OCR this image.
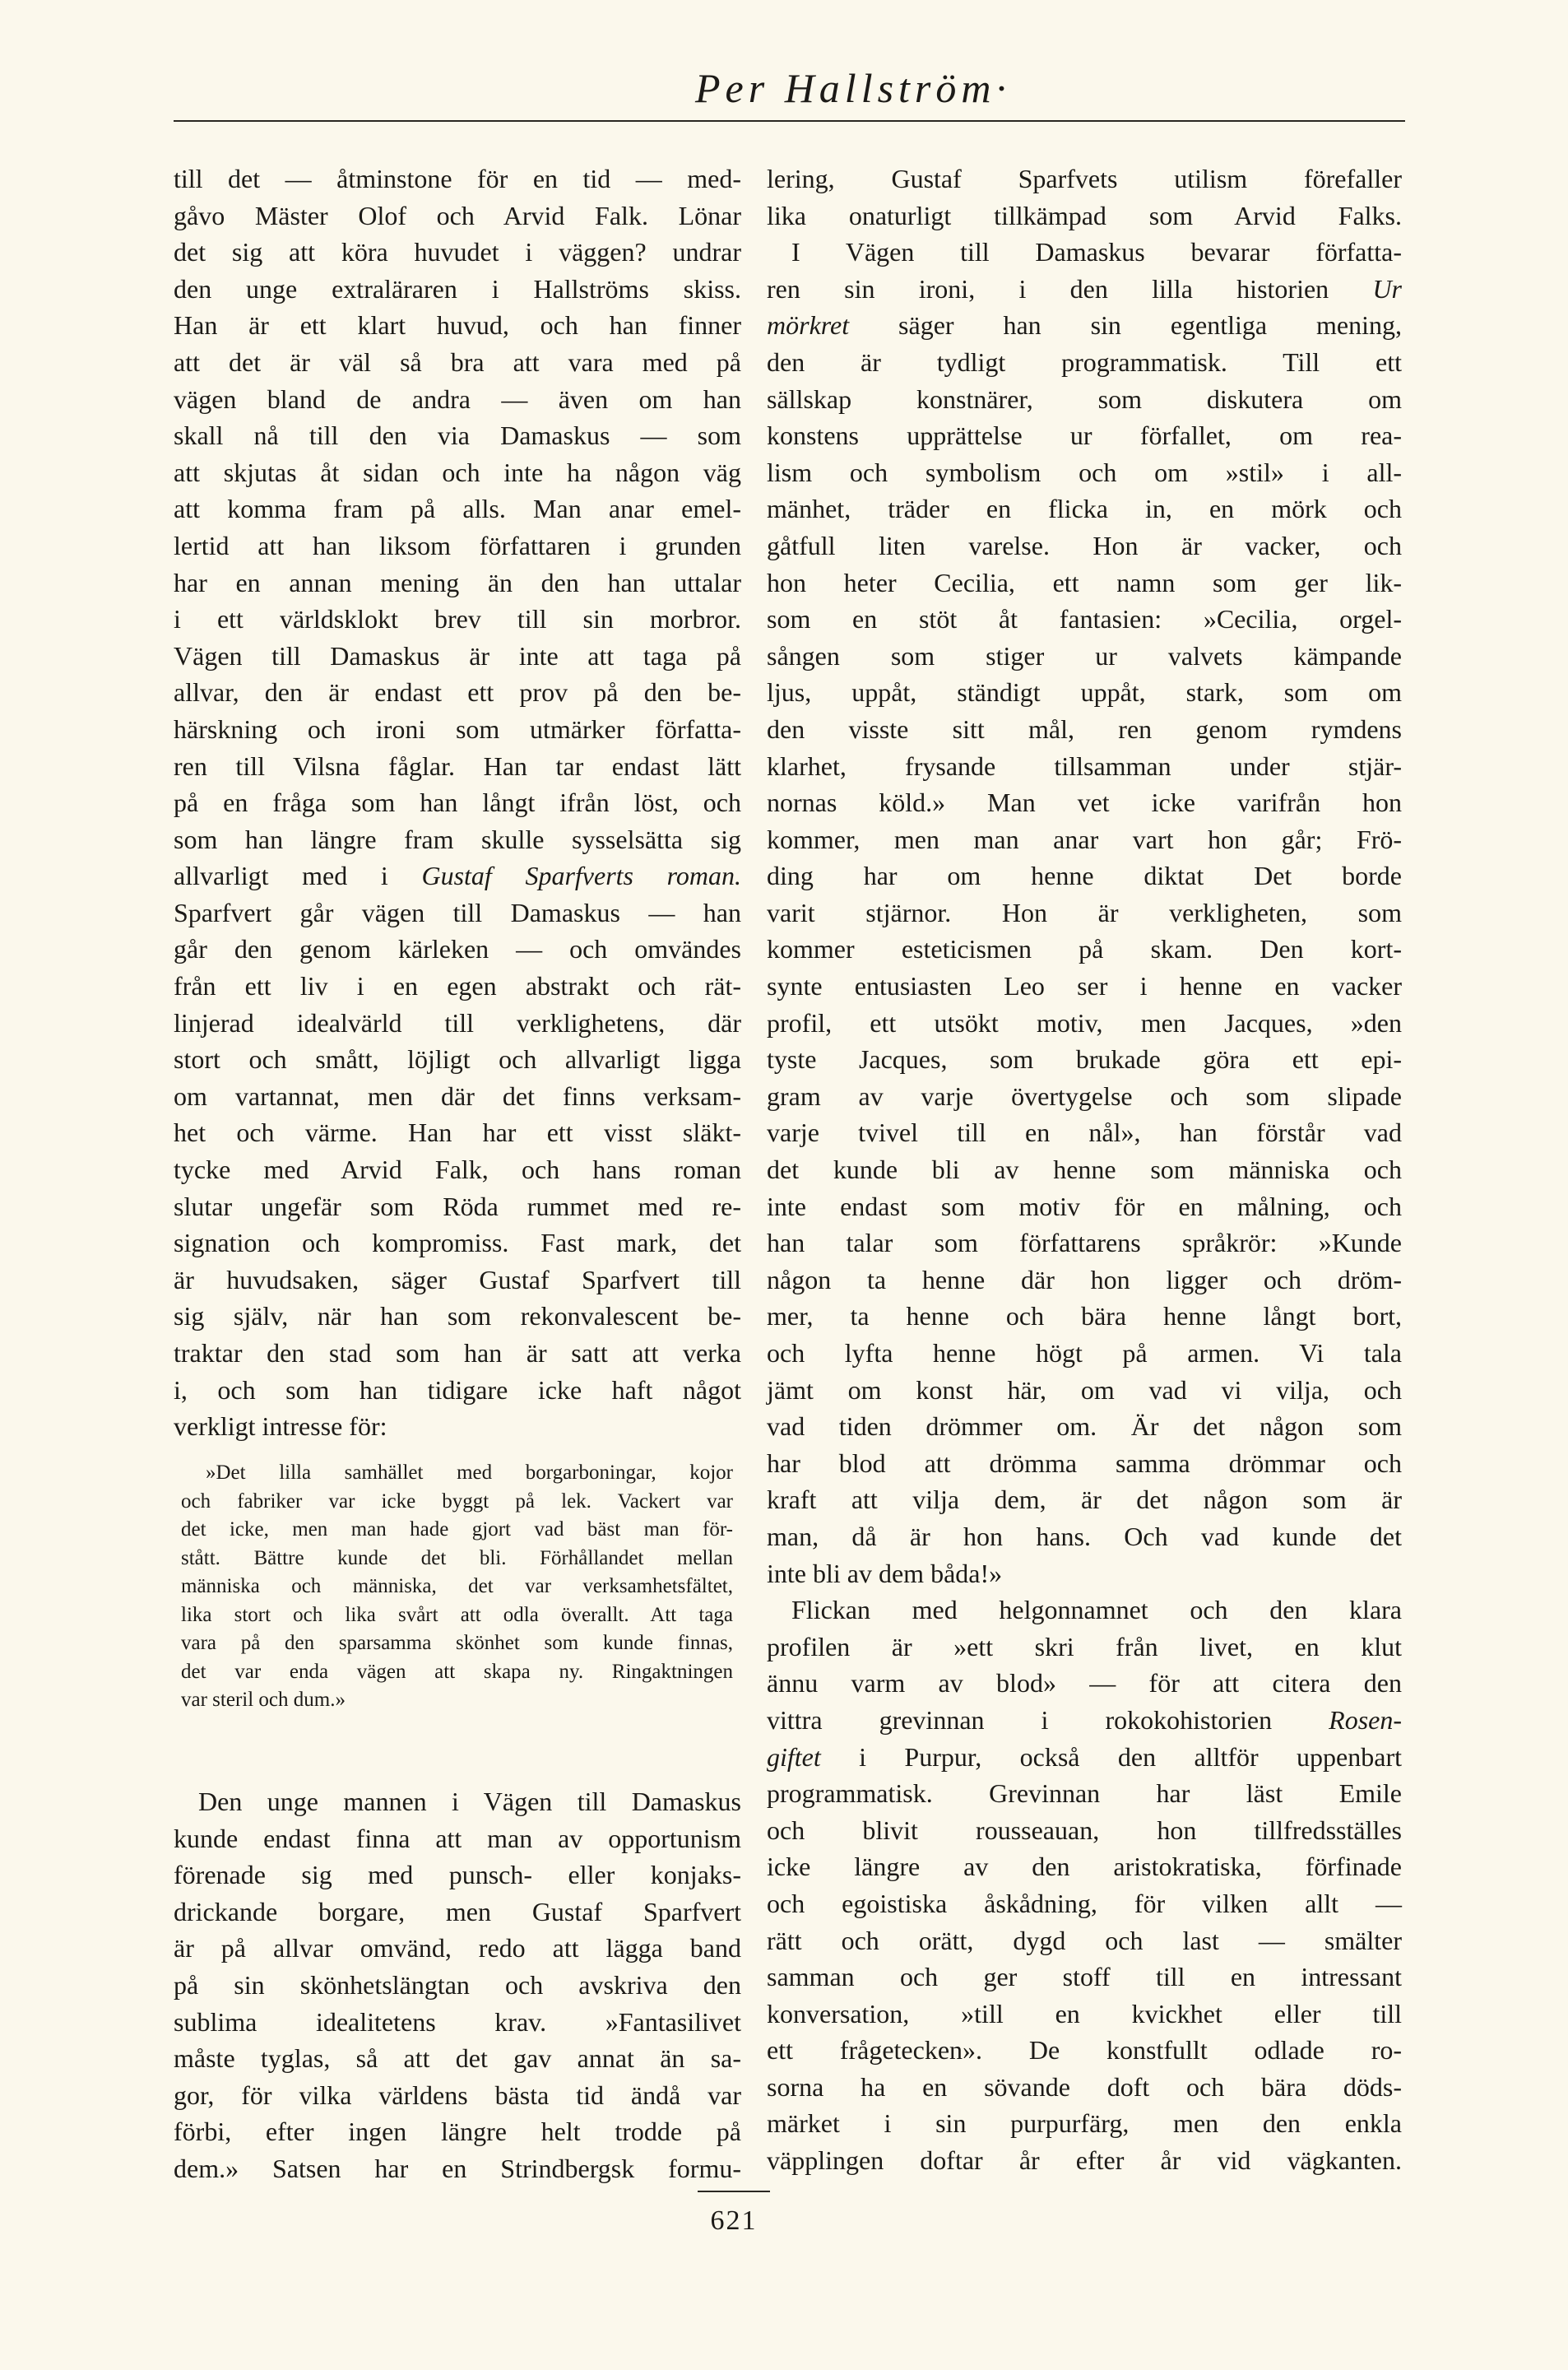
Per Hallström·
till det — åtminstone för en tid — med-
gåvo Mäster Olof och Arvid Falk. Lönar
det sig att köra huvudet i väggen? undrar
den unge extraläraren i Hallströms skiss.
Han är ett klart huvud, och han finner
att det är väl så bra att vara med på
vägen bland de andra — även om han
skall nå till den via Damaskus — som
att skjutas åt sidan och inte ha någon väg
att komma fram på alls. Man anar emel-
lertid att han liksom författaren i grunden
har en annan mening än den han uttalar
i ett världsklokt brev till sin morbror.
Vägen till Damaskus är inte att taga på
allvar, den är endast ett prov på den be-
härskning och ironi som utmärker författa-
ren till Vilsna fåglar. Han tar endast lätt
på en fråga som han långt ifrån löst, och
som han längre fram skulle sysselsätta sig
allvarligt med i Gustaf Sparfverts roman.
Sparfvert går vägen till Damaskus — han
går den genom kärleken — och omvändes
från ett liv i en egen abstrakt och rät-
linjerad idealvärld till verklighetens, där
stort och smått, löjligt och allvarligt ligga
om vartannat, men där det finns verksam-
het och värme. Han har ett visst släkt-
tycke med Arvid Falk, och hans roman
slutar ungefär som Röda rummet med re-
signation och kompromiss. Fast mark, det
är huvudsaken, säger Gustaf Sparfvert till
sig själv, när han som rekonvalescent be-
traktar den stad som han är satt att verka
i, och som han tidigare icke haft något
verkligt intresse för:
»Det lilla samhället med borgarboningar, kojor
och fabriker var icke byggt på lek. Vackert var
det icke, men man hade gjort vad bäst man för-
stått. Bättre kunde det bli. Förhållandet mellan
människa och människa, det var verksamhetsfältet,
lika stort och lika svårt att odla överallt. Att taga
vara på den sparsamma skönhet som kunde finnas,
det var enda vägen att skapa ny. Ringaktningen
var steril och dum.»
Den unge mannen i Vägen till Damaskus
kunde endast finna att man av opportunism
förenade sig med punsch- eller konjaks-
drickande borgare, men Gustaf Sparfvert
är på allvar omvänd, redo att lägga band
på sin skönhetslängtan och avskriva den
sublima idealitetens krav. »Fantasilivet
måste tyglas, så att det gav annat än sa-
gor, för vilka världens bästa tid ändå var
förbi, efter ingen längre helt trodde på
dem.» Satsen har en Strindbergsk formu-
lering, Gustaf Sparfvets utilism förefaller
lika onaturligt tillkämpad som Arvid Falks.
I Vägen till Damaskus bevarar författa-
ren sin ironi, i den lilla historien Ur
mörkret säger han sin egentliga mening,
den är tydligt programmatisk. Till ett
sällskap konstnärer, som diskutera om
konstens upprättelse ur förfallet, om rea-
lism och symbolism och om »stil» i all-
mänhet, träder en flicka in, en mörk och
gåtfull liten varelse. Hon är vacker, och
hon heter Cecilia, ett namn som ger lik-
som en stöt åt fantasien: »Cecilia, orgel-
sången som stiger ur valvets kämpande
ljus, uppåt, ständigt uppåt, stark, som om
den visste sitt mål, ren genom rymdens
klarhet, frysande tillsamman under stjär-
nornas köld.» Man vet icke varifrån hon
kommer, men man anar vart hon går; Frö-
ding har om henne diktat Det borde
varit stjärnor. Hon är verkligheten, som
kommer esteticismen på skam. Den kort-
synte entusiasten Leo ser i henne en vacker
profil, ett utsökt motiv, men Jacques, »den
tyste Jacques, som brukade göra ett epi-
gram av varje övertygelse och som slipade
varje tvivel till en nål», han förstår vad
det kunde bli av henne som människa och
inte endast som motiv för en målning, och
han talar som författarens språkrör: »Kunde
någon ta henne där hon ligger och dröm-
mer, ta henne och bära henne långt bort,
och lyfta henne högt på armen. Vi tala
jämt om konst här, om vad vi vilja, och
vad tiden drömmer om. Är det någon som
har blod att drömma samma drömmar och
kraft att vilja dem, är det någon som är
man, då är hon hans. Och vad kunde det
inte bli av dem båda!»
Flickan med helgonnamnet och den klara
profilen är »ett skri från livet, en klut
ännu varm av blod» — för att citera den
vittra grevinnan i rokokohistorien Rosen-
giftet i Purpur, också den alltför uppenbart
programmatisk. Grevinnan har läst Emile
och blivit rousseauan, hon tillfredsställes
icke längre av den aristokratiska, förfinade
och egoistiska åskådning, för vilken allt —
rätt och orätt, dygd och last — smälter
samman och ger stoff till en intressant
konversation, »till en kvickhet eller till
ett frågetecken». De konstfullt odlade ro-
sorna ha en sövande doft och bära döds-
märket i sin purpurfärg, men den enkla
väpplingen doftar år efter år vid vägkanten.
621
